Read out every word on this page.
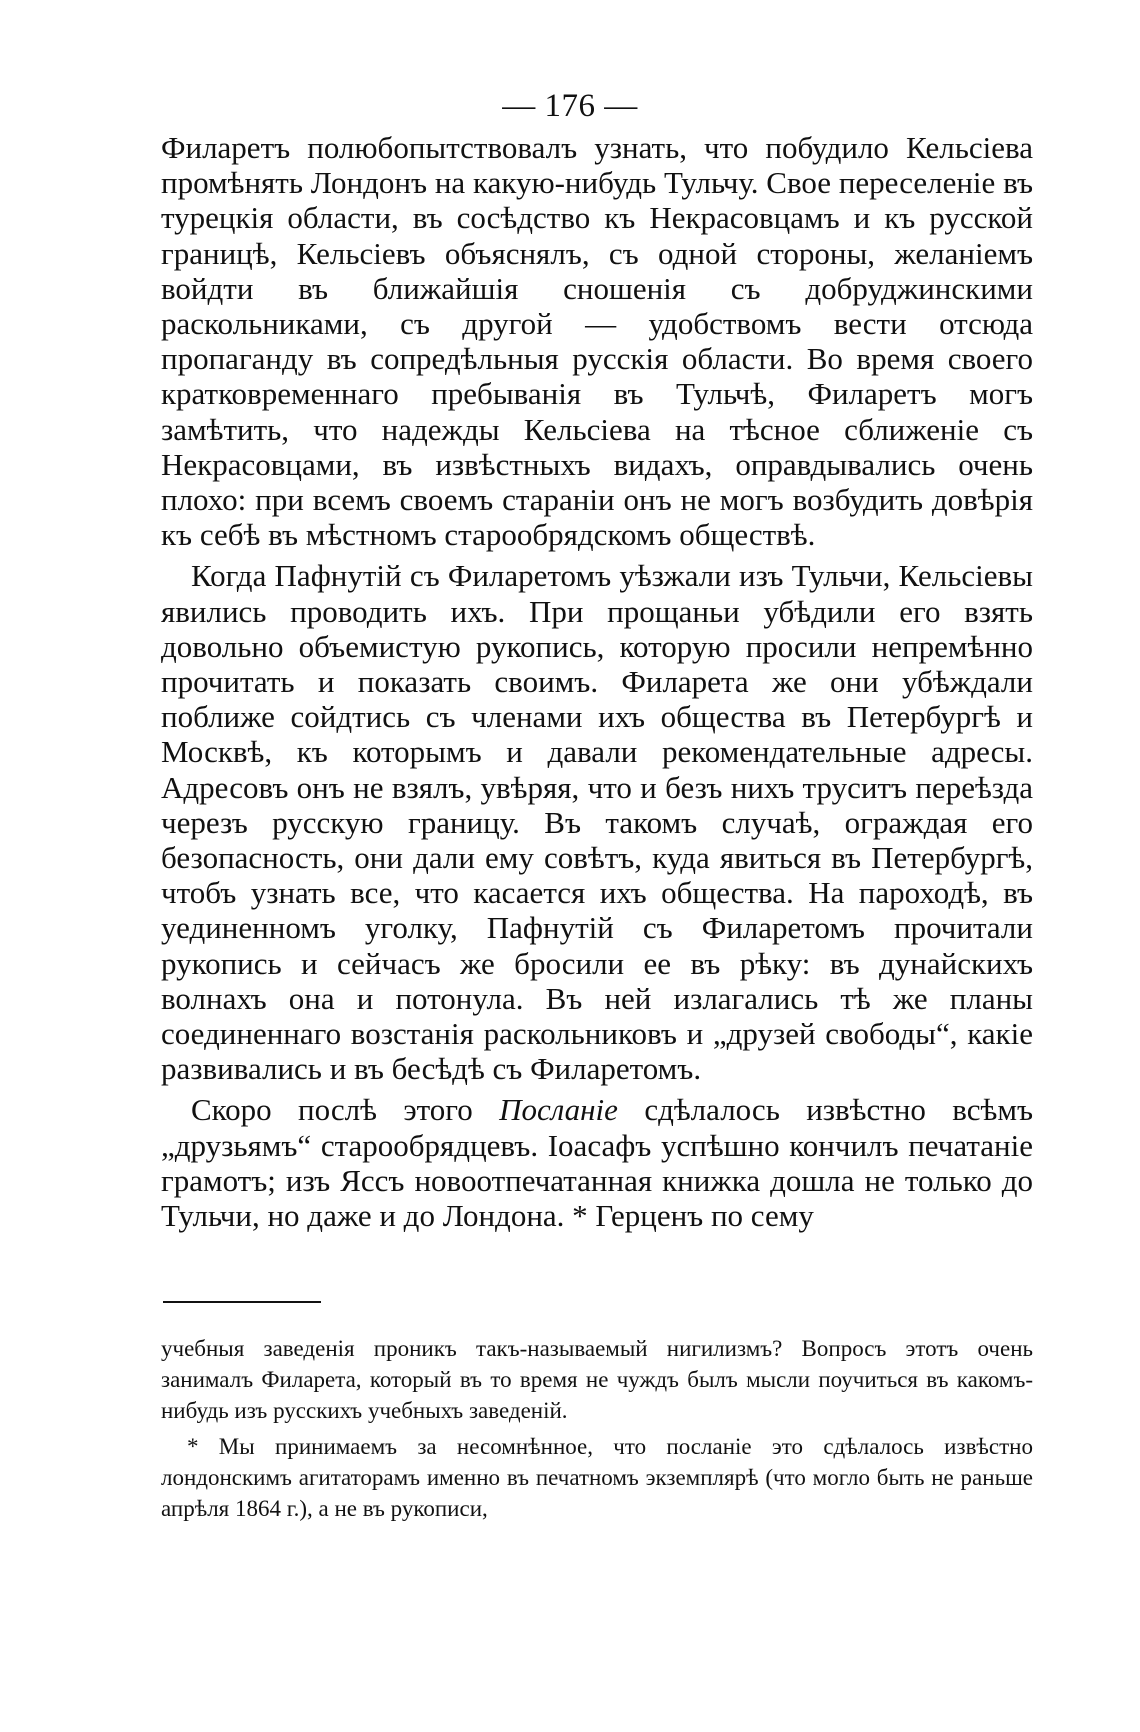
— 176 —

Филаретъ полюбопытствовалъ узнать, что побудило Кельсіева промѣнять Лондонъ на какую-нибудь Тульчу. Свое переселеніе въ турецкія области, въ сосѣдство къ Некрасовцамъ и къ русской границѣ, Кельсіевъ объяснялъ, съ одной стороны, желаніемъ войдти въ ближайшія сношенія съ добруджинскими раскольниками, съ другой — удобствомъ вести отсюда пропаганду въ сопредѣльныя русскія области. Во время своего кратковременнаго пребыванія въ Тульчѣ, Филаретъ могъ замѣтить, что надежды Кельсіева на тѣсное сближеніе съ Некрасовцами, въ извѣстныхъ видахъ, оправдывались очень плохо: при всемъ своемъ стараніи онъ не могъ возбудить довѣрія къ себѣ въ мѣстномъ старообрядскомъ обществѣ.

Когда Пафнутій съ Филаретомъ уѣзжали изъ Тульчи, Кельсіевы явились проводить ихъ. При прощаньи убѣдили его взять довольно объемистую рукопись, которую просили непремѣнно прочитать и показать своимъ. Филарета же они убѣждали поближе сойдтись съ членами ихъ общества въ Петербургѣ и Москвѣ, къ которымъ и давали рекомендательные адресы. Адресовъ онъ не взялъ, увѣряя, что и безъ нихъ труситъ переѣзда черезъ русскую границу. Въ такомъ случаѣ, ограждая его безопасность, они дали ему совѣтъ, куда явиться въ Петербургѣ, чтобъ узнать все, что касается ихъ общества. На пароходѣ, въ уединенномъ уголку, Пафнутій съ Филаретомъ прочитали рукопись и сейчасъ же бросили ее въ рѣку: въ дунайскихъ волнахъ она и потонула. Въ ней излагались тѣ же планы соединеннаго возстанія раскольниковъ и „друзей свободы“, какіе развивались и въ бесѣдѣ съ Филаретомъ.

Скоро послѣ этого Посланіе сдѣлалось извѣстно всѣмъ „друзьямъ“ старообрядцевъ. Іоасафъ успѣшно кончилъ печатаніе грамотъ; изъ Яссъ новоотпечатанная книжка дошла не только до Тульчи, но даже и до Лондона. * Герценъ по сему

учебныя заведенія проникъ такъ-называемый нигилизмъ? Вопросъ этотъ очень занималъ Филарета, который въ то время не чуждъ былъ мысли поучиться въ какомъ-нибудь изъ русскихъ учебныхъ заведеній.

* Мы принимаемъ за несомнѣнное, что посланіе это сдѣлалось извѣстно лондонскимъ агитаторамъ именно въ печатномъ экземплярѣ (что могло быть не раньше апрѣля 1864 г.), а не въ рукописи,
